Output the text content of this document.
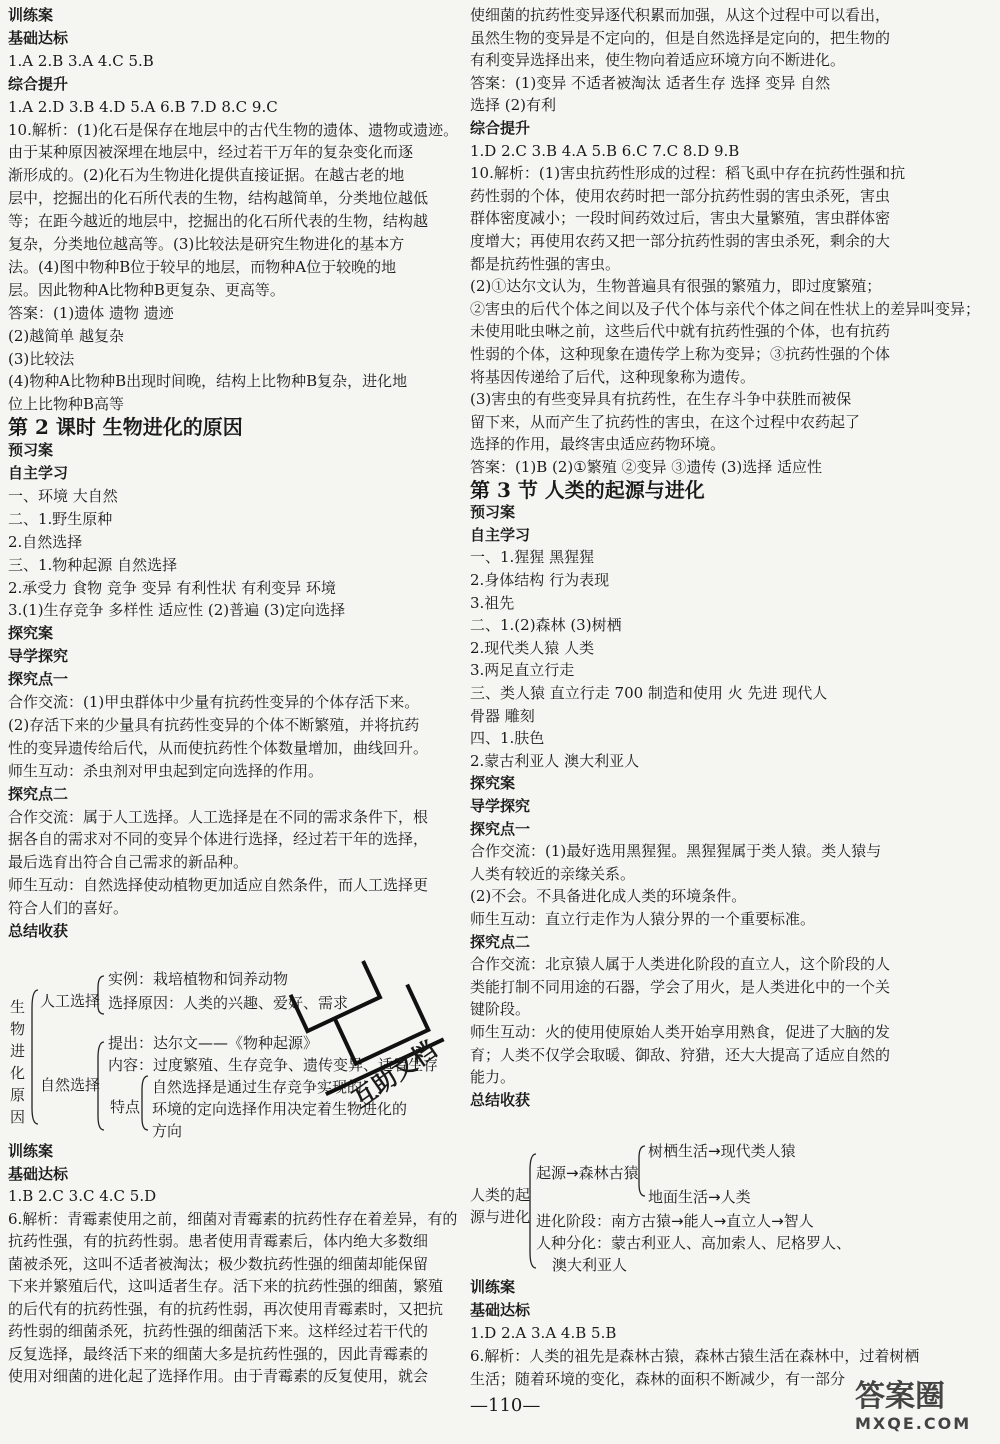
训练案
基础达标
1.A 2.B 3.A 4.C 5.B
综合提升
1.A 2.D 3.B 4.D 5.A 6.B 7.D 8.C 9.C
10.解析：(1)化石是保存在地层中的古代生物的遗体、遗物或遗迹。
由于某种原因被深埋在地层中，经过若干万年的复杂变化而逐
渐形成的。(2)化石为生物进化提供直接证据。在越古老的地
层中，挖掘出的化石所代表的生物，结构越简单，分类地位越低
等；在距今越近的地层中，挖掘出的化石所代表的生物，结构越
复杂，分类地位越高等。(3)比较法是研究生物进化的基本方
法。(4)图中物种B位于较早的地层，而物种A位于较晚的地
层。因此物种A比物种B更复杂、更高等。
答案：(1)遗体 遗物 遗迹
(2)越简单 越复杂
(3)比较法
(4)物种A比物种B出现时间晚，结构上比物种B复杂，进化地
位上比物种B高等
第 2 课时 生物进化的原因
预习案
自主学习
一、环境 大自然
二、1.野生原种
2.自然选择
三、1.物种起源 自然选择
2.承受力 食物 竞争 变异 有利性状 有利变异 环境
3.(1)生存竞争 多样性 适应性 (2)普遍 (3)定向选择
探究案
导学探究
探究点一
合作交流：(1)甲虫群体中少量有抗药性变异的个体存活下来。
(2)存活下来的少量具有抗药性变异的个体不断繁殖，并将抗药
性的变异遗传给后代，从而使抗药性个体数量增加，曲线回升。
师生互动：杀虫剂对甲虫起到定向选择的作用。
探究点二
合作交流：属于人工选择。人工选择是在不同的需求条件下，根
据各自的需求对不同的变异个体进行选择，经过若干年的选择，
最后选育出符合自己需求的新品种。
师生互动：自然选择使动植物更加适应自然条件，而人工选择更
符合人们的喜好。
总结收获
训练案
基础达标
1.B 2.C 3.C 4.C 5.D
6.解析：青霉素使用之前，细菌对青霉素的抗药性存在着差异，有的
抗药性强，有的抗药性弱。患者使用青霉素后，体内绝大多数细
菌被杀死，这叫不适者被淘汰；极少数抗药性强的细菌却能保留
下来并繁殖后代，这叫适者生存。活下来的抗药性强的细菌，繁殖
的后代有的抗药性强，有的抗药性弱，再次使用青霉素时，又把抗
药性弱的细菌杀死，抗药性强的细菌活下来。这样经过若干代的
反复选择，最终活下来的细菌大多是抗药性强的，因此青霉素的
使用对细菌的进化起了选择作用。由于青霉素的反复使用，就会
使细菌的抗药性变异逐代积累而加强，从这个过程中可以看出，
虽然生物的变异是不定向的，但是自然选择是定向的，把生物的
有利变异选择出来，使生物向着适应环境方向不断进化。
答案：(1)变异 不适者被淘汰 适者生存 选择 变异 自然
选择 (2)有利
综合提升
1.D 2.C 3.B 4.A 5.B 6.C 7.C 8.D 9.B
10.解析：(1)害虫抗药性形成的过程：稻飞虱中存在抗药性强和抗
药性弱的个体，使用农药时把一部分抗药性弱的害虫杀死，害虫
群体密度减小；一段时间药效过后，害虫大量繁殖，害虫群体密
度增大；再使用农药又把一部分抗药性弱的害虫杀死，剩余的大
都是抗药性强的害虫。
(2)①达尔文认为，生物普遍具有很强的繁殖力，即过度繁殖；
②害虫的后代个体之间以及子代个体与亲代个体之间在性状上的差异叫变异；
未使用吡虫啉之前，这些后代中就有抗药性强的个体，也有抗药
性弱的个体，这种现象在遗传学上称为变异；③抗药性强的个体
将基因传递给了后代，这种现象称为遗传。
(3)害虫的有些变异具有抗药性，在生存斗争中获胜而被保
留下来，从而产生了抗药性的害虫，在这个过程中农药起了
选择的作用，最终害虫适应药物环境。
答案：(1)B (2)①繁殖 ②变异 ③遗传 (3)选择 适应性
第 3 节 人类的起源与进化
预习案
自主学习
一、1.猩猩 黑猩猩
2.身体结构 行为表现
3.祖先
二、1.(2)森林 (3)树栖
2.现代类人猿 人类
3.两足直立行走
三、类人猿 直立行走 700 制造和使用 火 先进 现代人
骨器 雕刻
四、1.肤色
2.蒙古利亚人 澳大利亚人
探究案
导学探究
探究点一
合作交流：(1)最好选用黑猩猩。黑猩猩属于类人猿。类人猿与
人类有较近的亲缘关系。
(2)不会。不具备进化成人类的环境条件。
师生互动：直立行走作为人猿分界的一个重要标准。
探究点二
合作交流：北京猿人属于人类进化阶段的直立人，这个阶段的人
类能打制不同用途的石器，学会了用火，是人类进化中的一个关
键阶段。
师生互动：火的使用使原始人类开始享用熟食，促进了大脑的发
育；人类不仅学会取暖、御敌、狩猎，还大大提高了适应自然的
能力。
总结收获
训练案
基础达标
1.D 2.A 3.A 4.B 5.B
6.解析：人类的祖先是森林古猿，森林古猿生活在森林中，过着树栖
生活；随着环境的变化，森林的面积不断减少，有一部分
生
物
进
化
原
因
人工选择
实例：栽培植物和饲养动物
选择原因：人类的兴趣、爱好、需求
自然选择
提出：达尔文——《物种起源》
内容：过度繁殖、生存竞争、遗传变异、适者生存
特点
自然选择是通过生存竞争实现的
环境的定向选择作用决定着生物进化的
方向
互助文档
人类的起
源与进化
起源→森林古猿
树栖生活→现代类人猿
地面生活→人类
进化阶段：南方古猿→能人→直立人→智人
人种分化：蒙古利亚人、高加索人、尼格罗人、
澳大利亚人
—110—	答案圈
MXQE.COM
